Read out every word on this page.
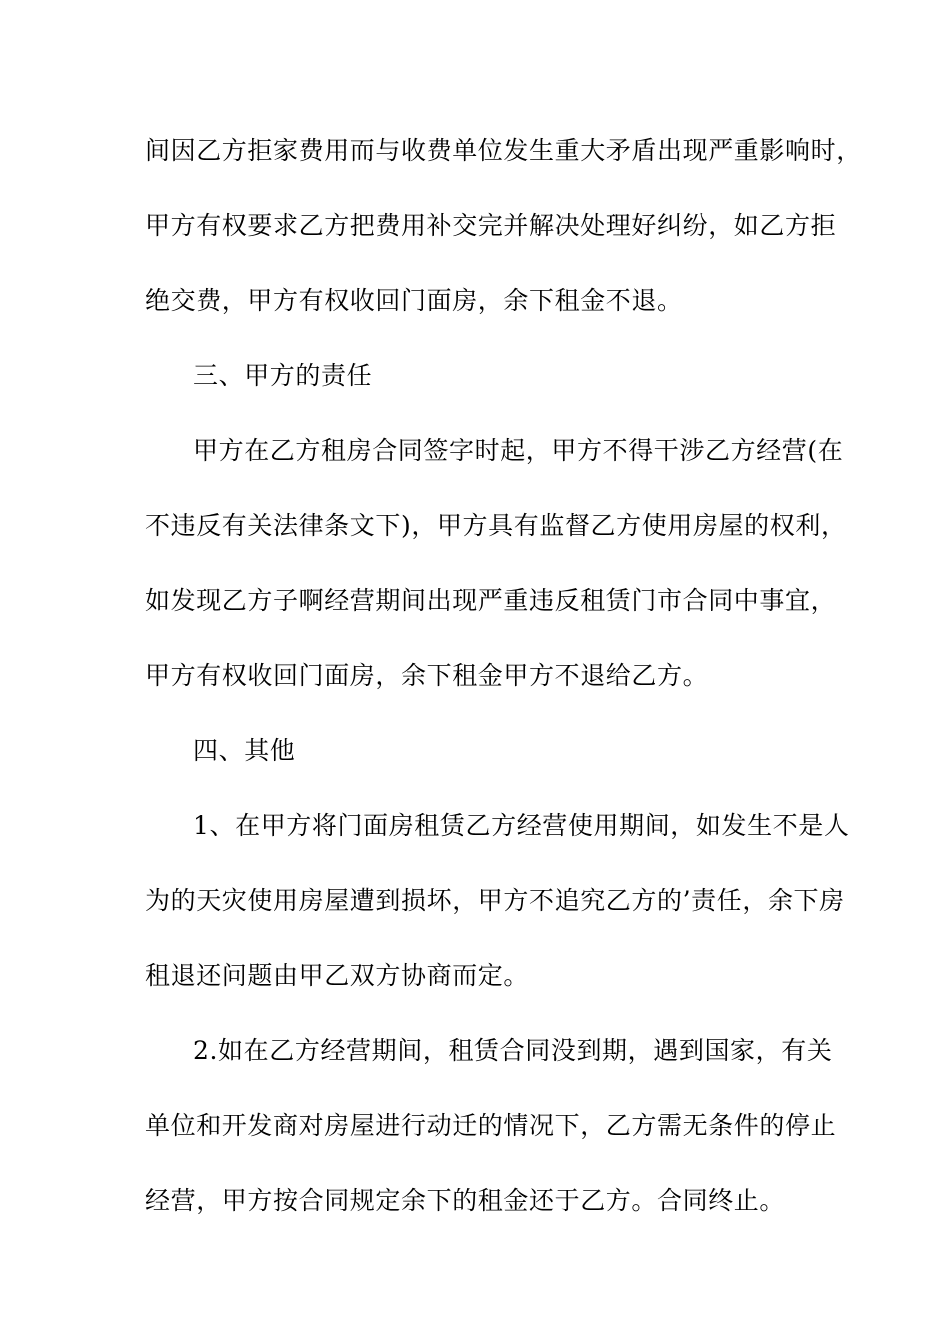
间因乙方拒家费用而与收费单位发生重大矛盾出现严重影响时，
甲方有权要求乙方把费用补交完并解决处理好纠纷，如乙方拒
绝交费，甲方有权收回门面房，余下租金不退。
三、甲方的责任
甲方在乙方租房合同签字时起，甲方不得干涉乙方经营(在
不违反有关法律条文下)，甲方具有监督乙方使用房屋的权利，
如发现乙方子啊经营期间出现严重违反租赁门市合同中事宜，
甲方有权收回门面房，余下租金甲方不退给乙方。
四、其他
1、在甲方将门面房租赁乙方经营使用期间，如发生不是人
为的天灾使用房屋遭到损坏，甲方不追究乙方的’责任，余下房
租退还问题由甲乙双方协商而定。
2.如在乙方经营期间，租赁合同没到期，遇到国家，有关
单位和开发商对房屋进行动迁的情况下，乙方需无条件的停止
经营，甲方按合同规定余下的租金还于乙方。合同终止。
